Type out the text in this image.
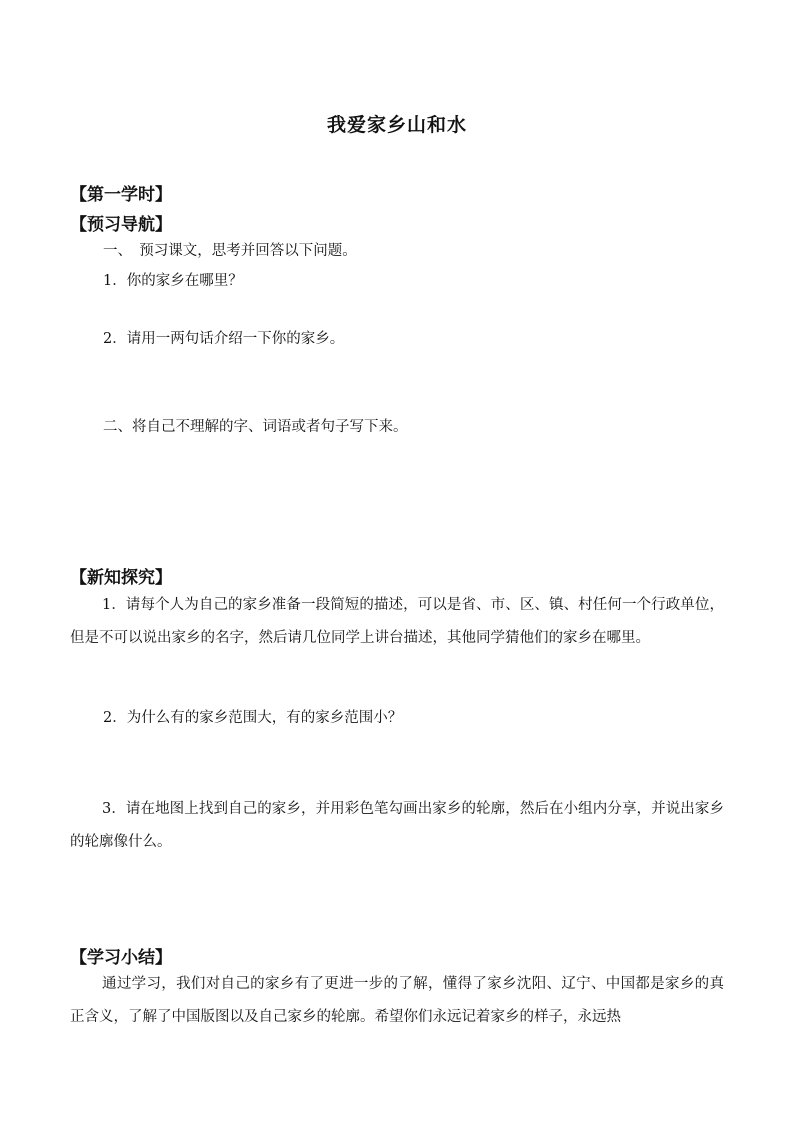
我爱家乡山和水
【第一学时】
【预习导航】
一、　预习课文，思考并回答以下问题。
1．你的家乡在哪里？
2．请用一两句话介绍一下你的家乡。
二、将自己不理解的字、词语或者句子写下来。
【新知探究】
1．请每个人为自己的家乡准备一段简短的描述，可以是省、市、区、镇、村任何一个行政单位，但是不可以说出家乡的名字，然后请几位同学上讲台描述，其他同学猜他们的家乡在哪里。
2．为什么有的家乡范围大，有的家乡范围小？
3．请在地图上找到自己的家乡，并用彩色笔勾画出家乡的轮廓，然后在小组内分享，并说出家乡的轮廓像什么。
【学习小结】
通过学习，我们对自己的家乡有了更进一步的了解，懂得了家乡沈阳、辽宁、中国都是家乡的真正含义，了解了中国版图以及自己家乡的轮廓。希望你们永远记着家乡的样子，永远热
